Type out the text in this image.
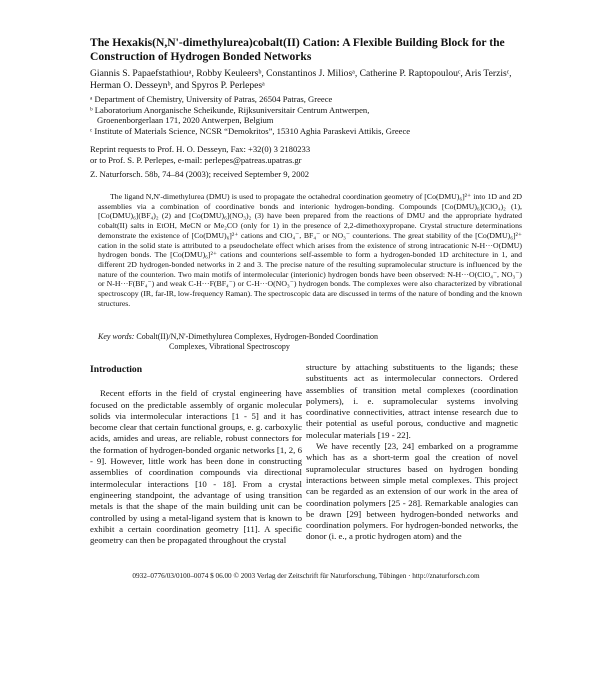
The Hexakis(N,N'-dimethylurea)cobalt(II) Cation: A Flexible Building Block for the Construction of Hydrogen Bonded Networks
Giannis S. Papaefstathiouᵃ, Robby Keuleersᵇ, Constantinos J. Miliosᵃ, Catherine P. Raptopoulouᶜ, Aris Terzisᶜ, Herman O. Desseynᵇ, and Spyros P. Perlepesᵃ
ᵃ Department of Chemistry, University of Patras, 26504 Patras, Greece
ᵇ Laboratorium Anorganische Scheikunde, Rijksuniversitair Centrum Antwerpen,
Groenenborgerlaan 171, 2020 Antwerpen, Belgium
ᶜ Institute of Materials Science, NCSR “Demokritos”, 15310 Aghia Paraskevi Attikis, Greece
Reprint requests to Prof. H. O. Desseyn, Fax: +32(0) 3 2180233
or to Prof. S. P. Perlepes, e-mail: perlepes@patreas.upatras.gr
Z. Naturforsch. 58b, 74–84 (2003); received September 9, 2002

The ligand N,N'-dimethylurea (DMU) is used to propagate the octahedral coordination geometry of [Co(DMU)₆]²⁺ into 1D and 2D assemblies via a combination of coordinative bonds and interionic hydrogen-bonding. Compounds [Co(DMU)₆](ClO₄)₂ (1), [Co(DMU)₆](BF₄)₂ (2) and [Co(DMU)₆](NO₃)₂ (3) have been prepared from the reactions of DMU and the appropriate hydrated cobalt(II) salts in EtOH, MeCN or Me₂CO (only for 1) in the presence of 2,2-dimethoxypropane. Crystal structure determinations demonstrate the existence of [Co(DMU)₆]²⁺ cations and ClO₄⁻, BF₄⁻ or NO₃⁻ counterions. The great stability of the [Co(DMU)₆]²⁺ cation in the solid state is attributed to a pseudochelate effect which arises from the existence of strong intracationic N-H···O(DMU) hydrogen bonds. The [Co(DMU)₆]²⁺ cations and counterions self-assemble to form a hydrogen-bonded 1D architecture in 1, and different 2D hydrogen-bonded networks in 2 and 3. The precise nature of the resulting supramolecular structure is influenced by the nature of the counterion. Two main motifs of intermolecular (interionic) hydrogen bonds have been observed: N-H···O(ClO₄⁻, NO₃⁻) or N-H···F(BF₄⁻) and weak C-H···F(BF₄⁻) or C-H···O(NO₃⁻) hydrogen bonds. The complexes were also characterized by vibrational spectroscopy (IR, far-IR, low-frequency Raman). The spectroscopic data are discussed in terms of the nature of bonding and the known structures.

Key words: Cobalt(II)/N,N'-Dimethylurea Complexes, Hydrogen-Bonded Coordination
Complexes, Vibrational Spectroscopy
Introduction

Recent efforts in the field of crystal engineering have focused on the predictable assembly of organic molecular solids via intermolecular interactions [1 - 5] and it has become clear that certain functional groups, e. g. carboxylic acids, amides and ureas, are reliable, robust connectors for the formation of hydrogen-bonded organic networks [1, 2, 6 - 9]. However, little work has been done in constructing assemblies of coordination compounds via directional intermolecular interactions [10 - 18]. From a crystal engineering standpoint, the advantage of using transition metals is that the shape of the main building unit can be controlled by using a metal-ligand system that is known to exhibit a certain coordination geometry [11]. A specific geometry can then be propagated throughout the crystal

structure by attaching substituents to the ligands; these substituents act as intermolecular connectors. Ordered assemblies of transition metal complexes (coordination polymers), i. e. supramolecular systems involving coordinative connectivities, attract intense research due to their potential as useful porous, conductive and magnetic molecular materials [19 - 22].

We have recently [23, 24] embarked on a programme which has as a short-term goal the creation of novel supramolecular structures based on hydrogen bonding interactions between simple metal complexes. This project can be regarded as an extension of our work in the area of coordination polymers [25 - 28]. Remarkable analogies can be drawn [29] between hydrogen-bonded networks and coordination polymers. For hydrogen-bonded networks, the donor (i. e., a protic hydrogen atom) and the

0932–0776/03/0100–0074 $ 06.00 © 2003 Verlag der Zeitschrift für Naturforschung, Tübingen · http://znaturforsch.com
